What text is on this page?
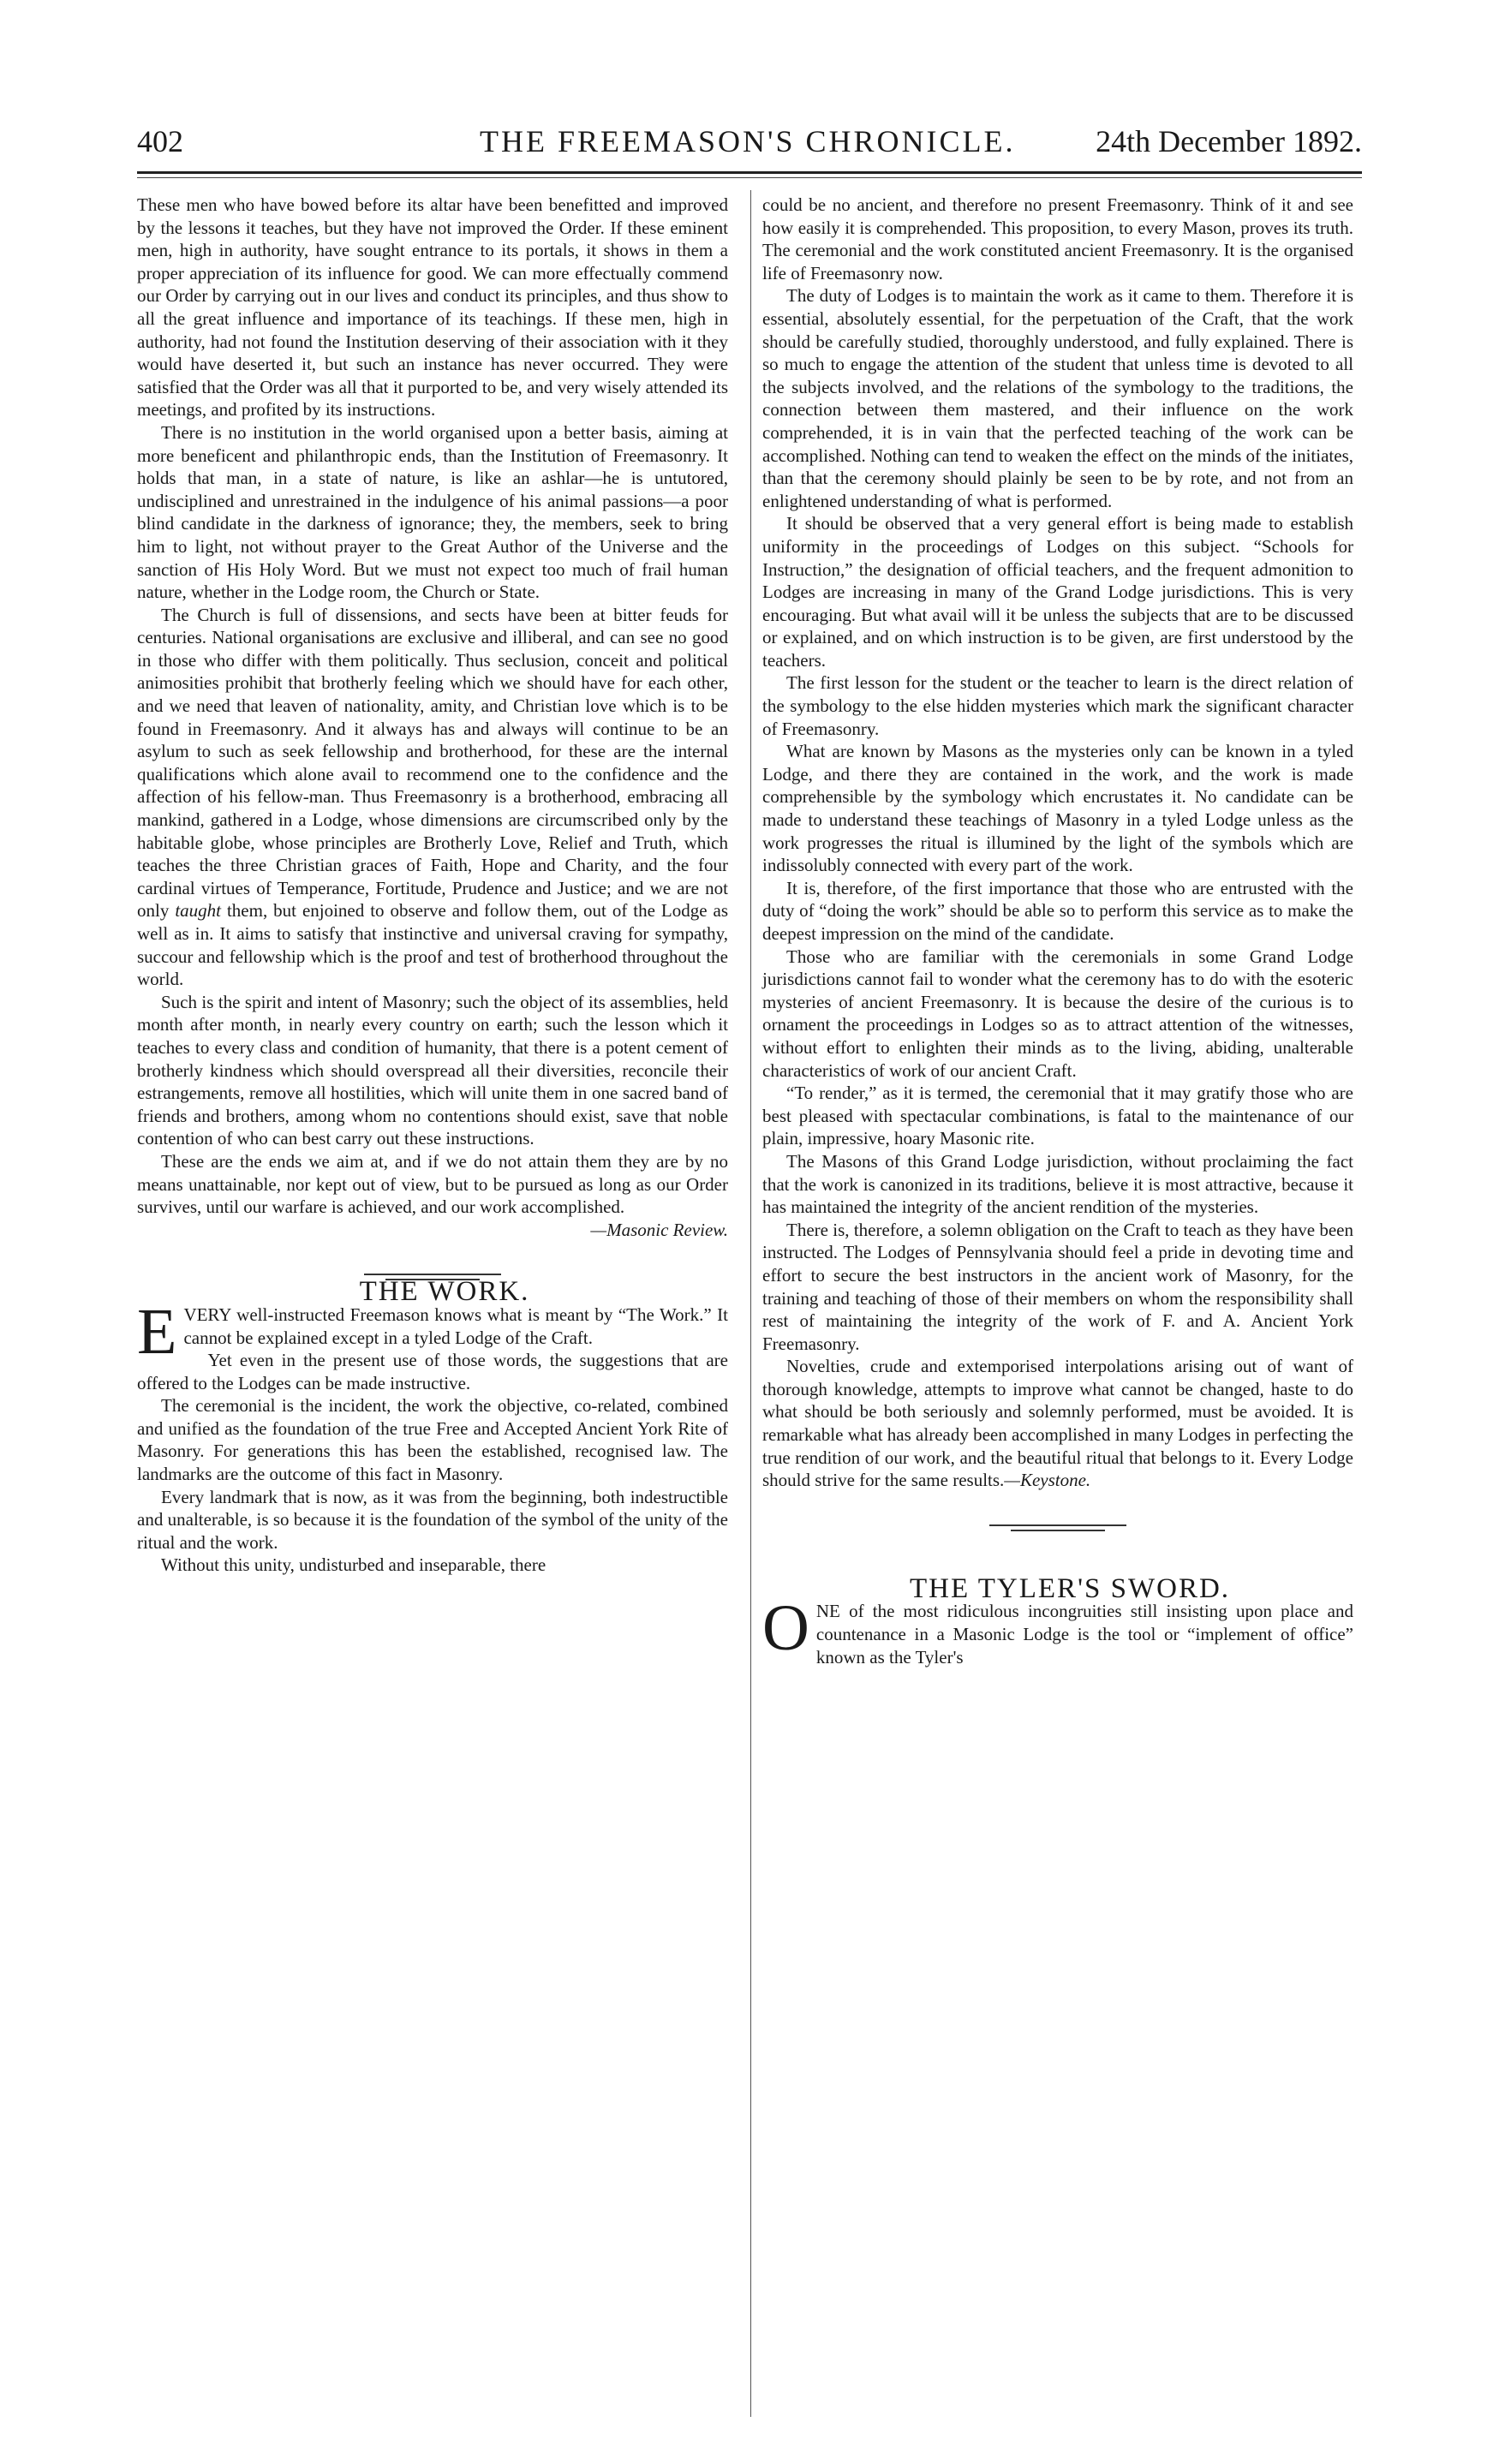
402	THE FREEMASON'S CHRONICLE.	24th December 1892.

These men who have bowed before its altar have been benefitted and improved by the lessons it teaches, but they have not improved the Order. If these eminent men, high in authority, have sought entrance to its portals, it shows in them a proper appreciation of its influence for good. We can more effectually commend our Order by carrying out in our lives and conduct its principles, and thus show to all the great influence and importance of its teachings. If these men, high in authority, had not found the Institution deserving of their association with it they would have deserted it, but such an instance has never occurred. They were satisfied that the Order was all that it purported to be, and very wisely attended its meetings, and profited by its instructions.

There is no institution in the world organised upon a better basis, aiming at more beneficent and philanthropic ends, than the Institution of Freemasonry. It holds that man, in a state of nature, is like an ashlar—he is untutored, undisciplined and unrestrained in the indulgence of his animal passions—a poor blind candidate in the darkness of ignorance; they, the members, seek to bring him to light, not without prayer to the Great Author of the Universe and the sanction of His Holy Word. But we must not expect too much of frail human nature, whether in the Lodge room, the Church or State.

The Church is full of dissensions, and sects have been at bitter feuds for centuries. National organisations are exclusive and illiberal, and can see no good in those who differ with them politically. Thus seclusion, conceit and political animosities prohibit that brotherly feeling which we should have for each other, and we need that leaven of nationality, amity, and Christian love which is to be found in Freemasonry. And it always has and always will continue to be an asylum to such as seek fellowship and brotherhood, for these are the internal qualifications which alone avail to recommend one to the confidence and the affection of his fellow-man. Thus Freemasonry is a brotherhood, embracing all mankind, gathered in a Lodge, whose dimensions are circumscribed only by the habitable globe, whose principles are Brotherly Love, Relief and Truth, which teaches the three Christian graces of Faith, Hope and Charity, and the four cardinal virtues of Temperance, Fortitude, Prudence and Justice; and we are not only taught them, but enjoined to observe and follow them, out of the Lodge as well as in. It aims to satisfy that instinctive and universal craving for sympathy, succour and fellowship which is the proof and test of brotherhood throughout the world.

Such is the spirit and intent of Masonry; such the object of its assemblies, held month after month, in nearly every country on earth; such the lesson which it teaches to every class and condition of humanity, that there is a potent cement of brotherly kindness which should overspread all their diversities, reconcile their estrangements, remove all hostilities, which will unite them in one sacred band of friends and brothers, among whom no contentions should exist, save that noble contention of who can best carry out these instructions.

These are the ends we aim at, and if we do not attain them they are by no means unattainable, nor kept out of view, but to be pursued as long as our Order survives, until our warfare is achieved, and our work accomplished.

—Masonic Review.

THE WORK.

EVERY well-instructed Freemason knows what is meant by “The Work.” It cannot be explained except in a tyled Lodge of the Craft.

Yet even in the present use of those words, the suggestions that are offered to the Lodges can be made instructive.

The ceremonial is the incident, the work the objective, co-related, combined and unified as the foundation of the true Free and Accepted Ancient York Rite of Masonry. For generations this has been the established, recognised law. The landmarks are the outcome of this fact in Masonry.

Every landmark that is now, as it was from the beginning, both indestructible and unalterable, is so because it is the foundation of the symbol of the unity of the ritual and the work.

Without this unity, undisturbed and inseparable, there

could be no ancient, and therefore no present Freemasonry. Think of it and see how easily it is comprehended. This proposition, to every Mason, proves its truth. The ceremonial and the work constituted ancient Freemasonry. It is the organised life of Freemasonry now.

The duty of Lodges is to maintain the work as it came to them. Therefore it is essential, absolutely essential, for the perpetuation of the Craft, that the work should be carefully studied, thoroughly understood, and fully explained. There is so much to engage the attention of the student that unless time is devoted to all the subjects involved, and the relations of the symbology to the traditions, the connection between them mastered, and their influence on the work comprehended, it is in vain that the perfected teaching of the work can be accomplished. Nothing can tend to weaken the effect on the minds of the initiates, than that the ceremony should plainly be seen to be by rote, and not from an enlightened understanding of what is performed.

It should be observed that a very general effort is being made to establish uniformity in the proceedings of Lodges on this subject. “Schools for Instruction,” the designation of official teachers, and the frequent admonition to Lodges are increasing in many of the Grand Lodge jurisdictions. This is very encouraging. But what avail will it be unless the subjects that are to be discussed or explained, and on which instruction is to be given, are first understood by the teachers.

The first lesson for the student or the teacher to learn is the direct relation of the symbology to the else hidden mysteries which mark the significant character of Freemasonry.

What are known by Masons as the mysteries only can be known in a tyled Lodge, and there they are contained in the work, and the work is made comprehensible by the symbology which encrustates it. No candidate can be made to understand these teachings of Masonry in a tyled Lodge unless as the work progresses the ritual is illumined by the light of the symbols which are indissolubly connected with every part of the work.

It is, therefore, of the first importance that those who are entrusted with the duty of “doing the work” should be able so to perform this service as to make the deepest impression on the mind of the candidate.

Those who are familiar with the ceremonials in some Grand Lodge jurisdictions cannot fail to wonder what the ceremony has to do with the esoteric mysteries of ancient Freemasonry. It is because the desire of the curious is to ornament the proceedings in Lodges so as to attract attention of the witnesses, without effort to enlighten their minds as to the living, abiding, unalterable characteristics of work of our ancient Craft.

“To render,” as it is termed, the ceremonial that it may gratify those who are best pleased with spectacular combinations, is fatal to the maintenance of our plain, impressive, hoary Masonic rite.

The Masons of this Grand Lodge jurisdiction, without proclaiming the fact that the work is canonized in its traditions, believe it is most attractive, because it has maintained the integrity of the ancient rendition of the mysteries.

There is, therefore, a solemn obligation on the Craft to teach as they have been instructed. The Lodges of Pennsylvania should feel a pride in devoting time and effort to secure the best instructors in the ancient work of Masonry, for the training and teaching of those of their members on whom the responsibility shall rest of maintaining the integrity of the work of F. and A. Ancient York Freemasonry.

Novelties, crude and extemporised interpolations arising out of want of thorough knowledge, attempts to improve what cannot be changed, haste to do what should be both seriously and solemnly performed, must be avoided. It is remarkable what has already been accomplished in many Lodges in perfecting the true rendition of our work, and the beautiful ritual that belongs to it. Every Lodge should strive for the same results.—Keystone.

THE TYLER'S SWORD.

ONE of the most ridiculous incongruities still insisting upon place and countenance in a Masonic Lodge is the tool or “implement of office” known as the Tyler's
